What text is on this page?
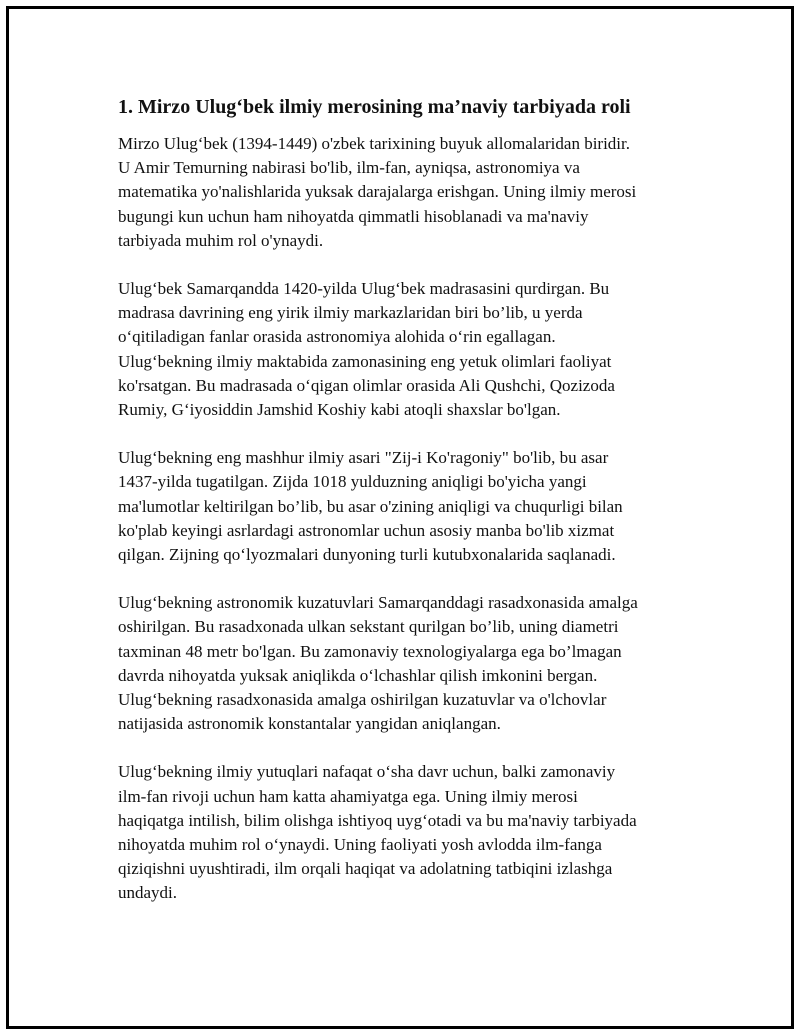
1. Mirzo Ulug‘bek ilmiy merosining ma’naviy tarbiyada roli

Mirzo Ulug‘bek (1394-1449) o'zbek tarixining buyuk allomalaridan biridir.
U Amir Temurning nabirasi bo'lib, ilm-fan, ayniqsa, astronomiya va
matematika yo'nalishlarida yuksak darajalarga erishgan. Uning ilmiy merosi
bugungi kun uchun ham nihoyatda qimmatli hisoblanadi va ma'naviy
tarbiyada muhim rol o'ynaydi.

Ulug‘bek Samarqandda 1420-yilda Ulug‘bek madrasasini qurdirgan. Bu
madrasa davrining eng yirik ilmiy markazlaridan biri bo’lib, u yerda
o‘qitiladigan fanlar orasida astronomiya alohida o‘rin egallagan.
Ulug‘bekning ilmiy maktabida zamonasining eng yetuk olimlari faoliyat
ko'rsatgan. Bu madrasada o‘qigan olimlar orasida Ali Qushchi, Qozizoda
Rumiy, G‘iyosiddin Jamshid Koshiy kabi atoqli shaxslar bo'lgan.

Ulug‘bekning eng mashhur ilmiy asari "Zij-i Ko'ragoniy" bo'lib, bu asar
1437-yilda tugatilgan. Zijda 1018 yulduzning aniqligi bo'yicha yangi
ma'lumotlar keltirilgan bo’lib, bu asar o'zining aniqligi va chuqurligi bilan
ko'plab keyingi asrlardagi astronomlar uchun asosiy manba bo'lib xizmat
qilgan. Zijning qo‘lyozmalari dunyoning turli kutubxonalarida saqlanadi.

Ulug‘bekning astronomik kuzatuvlari Samarqanddagi rasadxonasida amalga
oshirilgan. Bu rasadxonada ulkan sekstant qurilgan bo’lib, uning diametri
taxminan 48 metr bo'lgan. Bu zamonaviy texnologiyalarga ega bo’lmagan
davrda nihoyatda yuksak aniqlikda o‘lchashlar qilish imkonini bergan.
Ulug‘bekning rasadxonasida amalga oshirilgan kuzatuvlar va o'lchovlar
natijasida astronomik konstantalar yangidan aniqlangan.

Ulug‘bekning ilmiy yutuqlari nafaqat o‘sha davr uchun, balki zamonaviy
ilm-fan rivoji uchun ham katta ahamiyatga ega. Uning ilmiy merosi
haqiqatga intilish, bilim olishga ishtiyoq uyg‘otadi va bu ma'naviy tarbiyada
nihoyatda muhim rol o‘ynaydi. Uning faoliyati yosh avlodda ilm-fanga
qiziqishni uyushtiradi, ilm orqali haqiqat va adolatning tatbiqini izlashga
undaydi.
